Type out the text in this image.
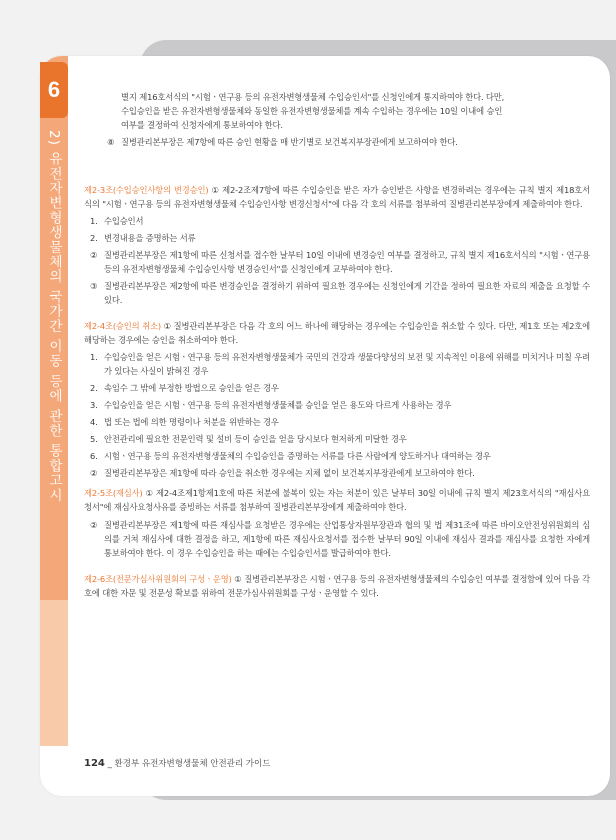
6
2) 유전자변형생물체의 국가간 이동 등에 관한 통합고시

별지 제16호서식의 "시험ㆍ연구용 등의 유전자변형생물체 수입승인서"를 신청인에게 통지하여야 한다. 다만,

수입승인을 받은 유전자변형생물체와 동일한 유전자변형생물체를 계속 수입하는 경우에는 10일 이내에 승인

여부를 결정하여 신청자에게 통보하여야 한다.

⑧ 질병관리본부장은 제7항에 따른 승인 현황을 매 반기별로 보건복지부장관에게 보고하여야 한다.

제2-3조(수입승인사항의 변경승인) ① 제2-2조제7항에 따른 수입승인을 받은 자가 승인받은 사항을 변경하려는 경우에는 규칙 별지 제18호서식의 "시험ㆍ연구용 등의 유전자변형생물체 수입승인사항 변경신청서"에 다음 각 호의 서류를 첨부하여 질병관리본부장에게 제출하여야 한다.

1. 수입승인서
2. 변경내용을 증명하는 서류
② 질병관리본부장은 제1항에 따른 신청서를 접수한 날부터 10일 이내에 변경승인 여부를 결정하고, 규칙 별지 제16호서식의 "시험ㆍ연구용 등의 유전자변형생물체 수입승인사항 변경승인서"를 신청인에게 교부하여야 한다.
③ 질병관리본부장은 제2항에 따른 변경승인을 결정하기 위하여 필요한 경우에는 신청인에게 기간을 정하여 필요한 자료의 제출을 요청할 수 있다.

제2-4조(승인의 취소) ① 질병관리본부장은 다음 각 호의 어느 하나에 해당하는 경우에는 수입승인을 취소할 수 있다. 다만, 제1호 또는 제2호에 해당하는 경우에는 승인을 취소하여야 한다.

1. 수입승인을 얻은 시험ㆍ연구용 등의 유전자변형생물체가 국민의 건강과 생물다양성의 보전 및 지속적인 이용에 위해를 미치거나 미칠 우려가 있다는 사실이 밝혀진 경우
2. 속임수 그 밖에 부정한 방법으로 승인을 얻은 경우
3. 수입승인을 얻은 시험ㆍ연구용 등의 유전자변형생물체를 승인을 얻은 용도와 다르게 사용하는 경우
4. 법 또는 법에 의한 명령이나 처분을 위반하는 경우
5. 안전관리에 필요한 전문인력 및 설비 등이 승인을 얻을 당시보다 현저하게 미달한 경우
6. 시험ㆍ연구용 등의 유전자변형생물체의 수입승인을 증명하는 서류를 다른 사람에게 양도하거나 대여하는 경우
② 질병관리본부장은 제1항에 따라 승인을 취소한 경우에는 지체 없이 보건복지부장관에게 보고하여야 한다.

제2-5조(재심사) ① 제2-4조제1항제1호에 따른 처분에 불복이 있는 자는 처분이 있은 날부터 30일 이내에 규칙 별지 제23호서식의 "재심사요청서"에 재심사요청사유를 증빙하는 서류를 첨부하여 질병관리본부장에게 제출하여야 한다.

② 질병관리본부장은 제1항에 따른 재심사를 요청받은 경우에는 산업통상자원부장관과 협의 및 법 제31조에 따른 바이오안전성위원회의 심의를 거쳐 재심사에 대한 결정을 하고, 제1항에 따른 재심사요청서를 접수한 날부터 90일 이내에 재심사 결과를 재심사를 요청한 자에게 통보하여야 한다. 이 경우 수입승인을 하는 때에는 수입승인서를 발급하여야 한다.

제2-6조(전문가심사위원회의 구성ㆍ운영) ① 질병관리본부장은 시험ㆍ연구용 등의 유전자변형생물체의 수입승인 여부를 결정함에 있어 다음 각 호에 대한 자문 및 전문성 확보를 위하여 전문가심사위원회를 구성ㆍ운영할 수 있다.

124 _ 환경부 유전자변형생물체 안전관리 가이드
